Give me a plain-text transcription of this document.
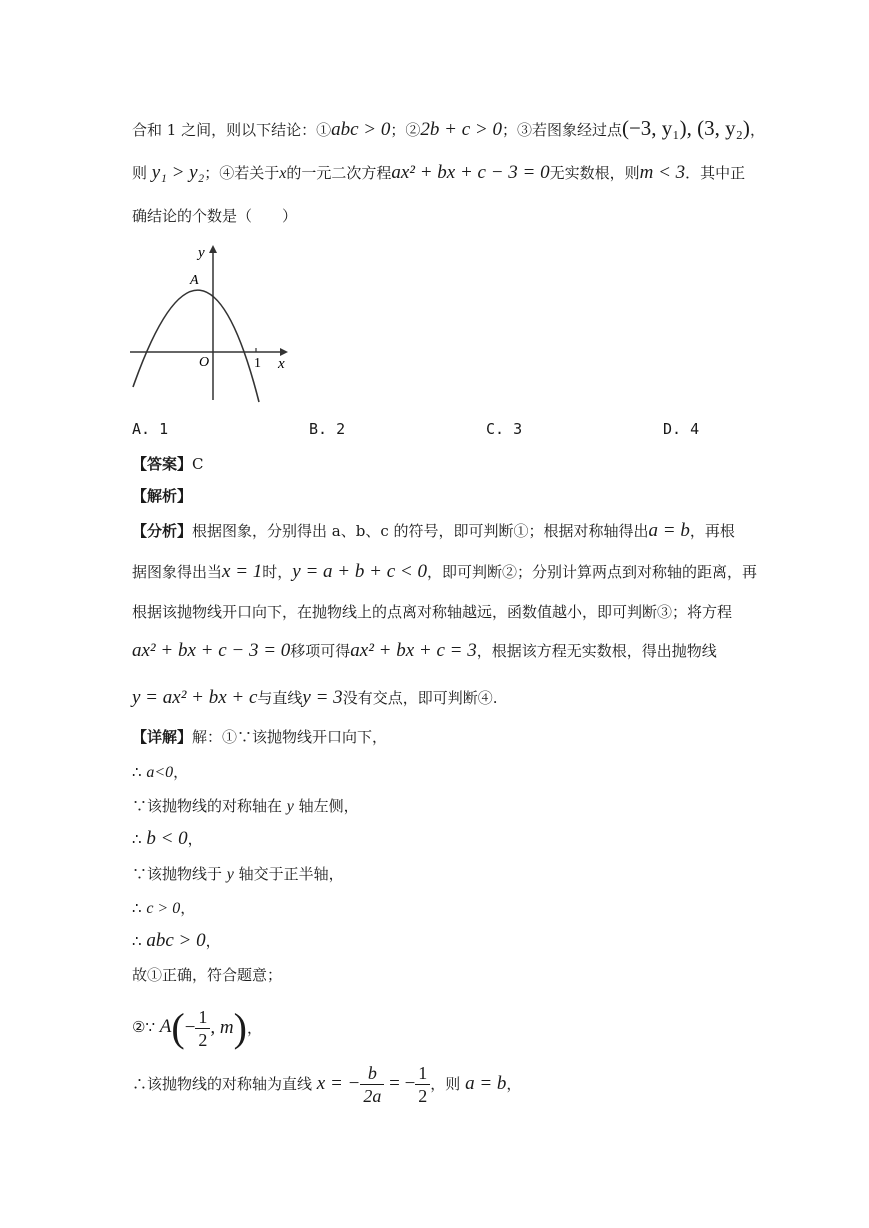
合和 1 之间，则以下结论：①abc > 0；②2b + c > 0；③若图象经过点(−3, y₁), (3, y₂)，
则 y₁ > y₂；④若关于x的一元二次方程ax² + bx + c − 3 = 0无实数根，则m < 3．其中正
确结论的个数是（　　）
y
x
O	1
A
A. 1	B. 2	C. 3	D. 4
【答案】C
【解析】
【分析】根据图象，分别得出 a、b、c 的符号，即可判断①；根据对称轴得出a = b，再根
据图象得出当x = 1时，y = a + b + c < 0，即可判断②；分别计算两点到对称轴的距离，再
根据该抛物线开口向下，在抛物线上的点离对称轴越远，函数值越小，即可判断③；将方程
ax² + bx + c − 3 = 0移项可得ax² + bx + c = 3，根据该方程无实数根，得出抛物线
y = ax² + bx + c与直线y = 3没有交点，即可判断④.
【详解】解：①∵该抛物线开口向下，
∴ a<0，
∵该抛物线的对称轴在 y 轴左侧，
∴ b < 0，
∵该抛物线于 y 轴交于正半轴，
∴ c > 0，
∴ abc > 0，
故①正确，符合题意；
②∵ $A(- \frac{1}{2}$ , m)，
∴该抛物线的对称轴为直线 x = − $\frac{b}{2a}$ = − $\frac{1}{2}$ ，则 a = b，
